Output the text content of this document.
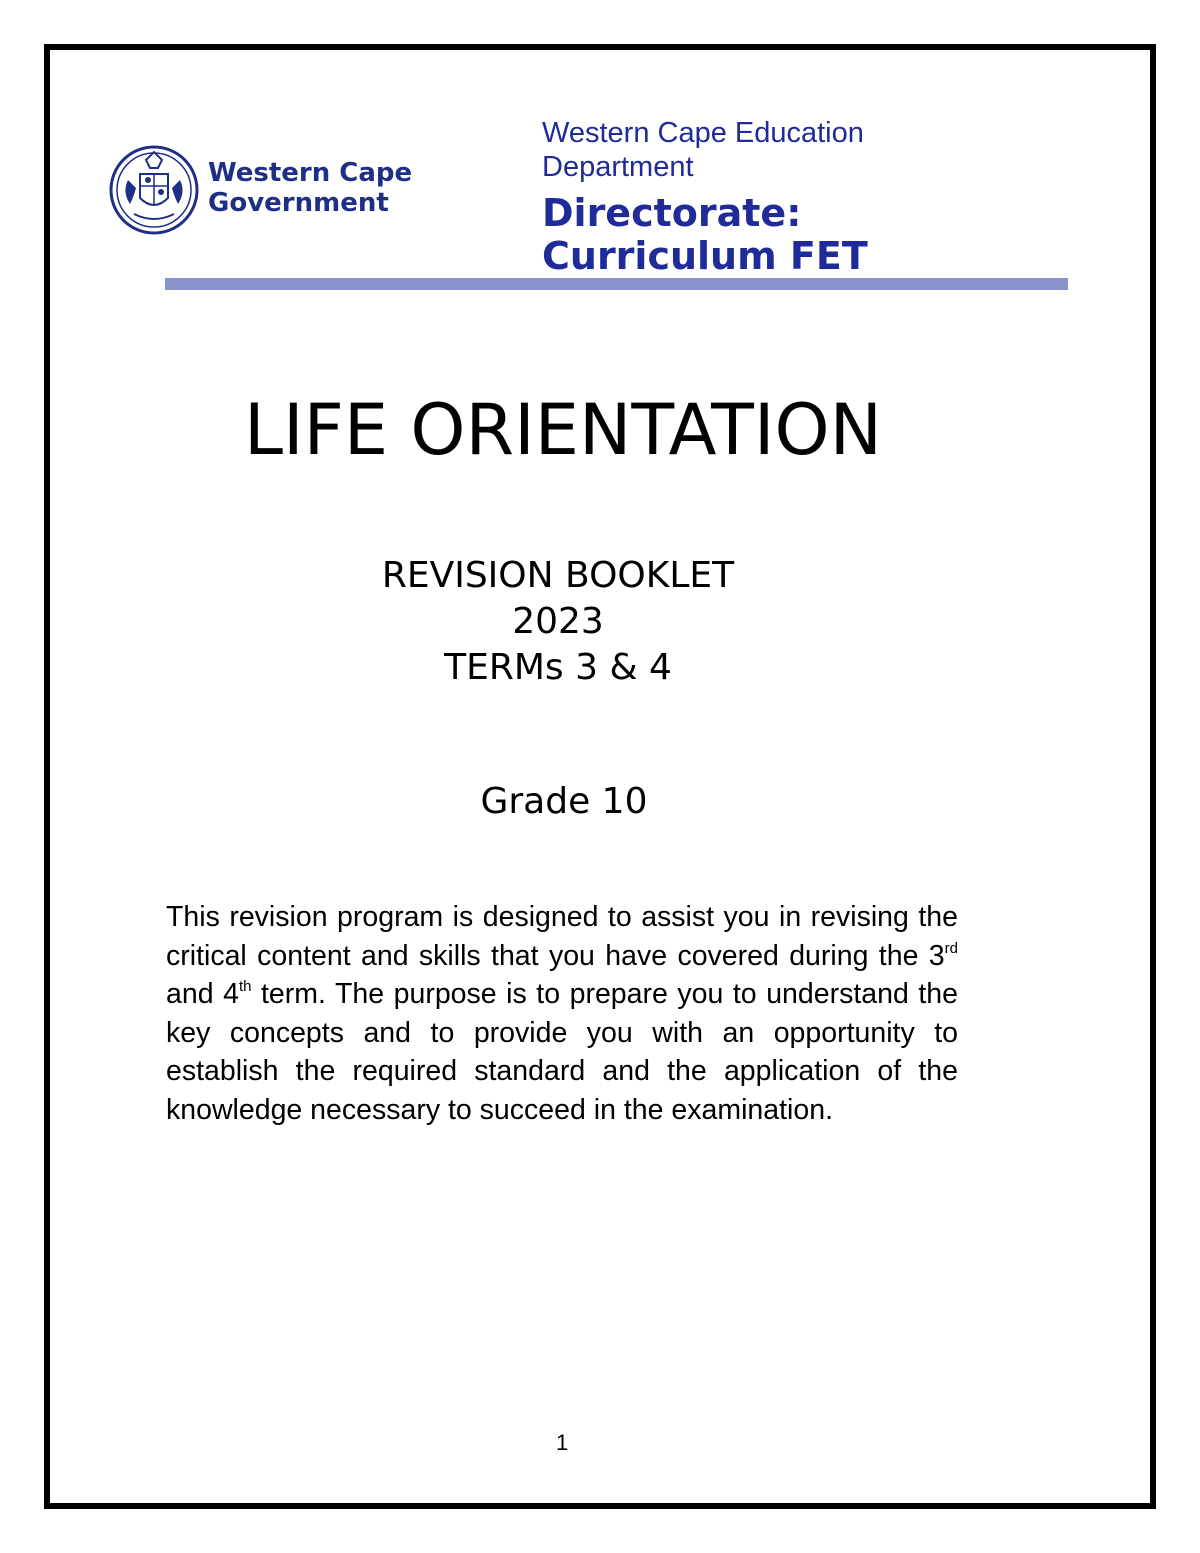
Western Cape
Government
Western Cape Education
Department
Directorate:
Curriculum FET
LIFE ORIENTATION
REVISION BOOKLET
2023
TERMs 3 & 4
Grade 10
This revision program is designed to assist you in revising the critical content and skills that you have covered during the 3rd and 4th term. The purpose is to prepare you to understand the key concepts and to provide you with an opportunity to establish the required standard and the application of the knowledge necessary to succeed in the examination.
1
